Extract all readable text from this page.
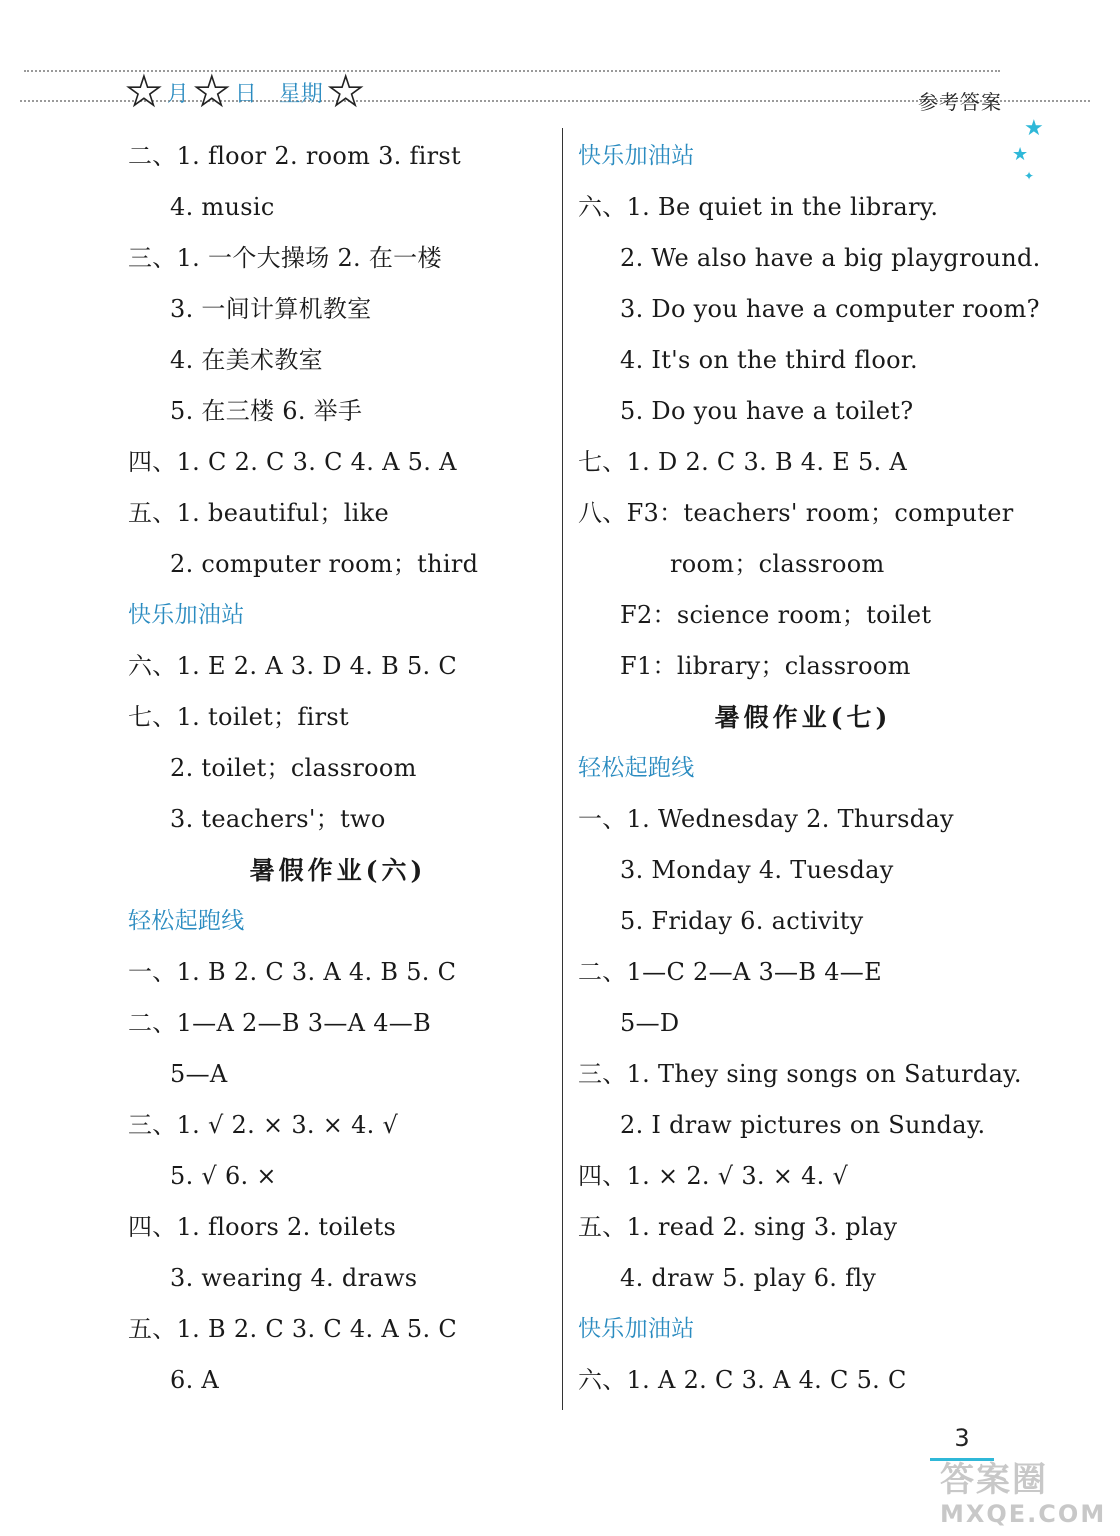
★ 月 ★ 日 星期 ★	参考答案
★
★
✦
二、1. floor 2. room 3. first
4. music
三、1. 一个大操场 2. 在一楼
3. 一间计算机教室
4. 在美术教室
5. 在三楼 6. 举手
四、1. C 2. C 3. C 4. A 5. A
五、1. beautiful；like
2. computer room；third
快乐加油站
六、1. E 2. A 3. D 4. B 5. C
七、1. toilet；first
2. toilet；classroom
3. teachers'；two
暑假作业(六)
轻松起跑线
一、1. B 2. C 3. A 4. B 5. C
二、1—A 2—B 3—A 4—B
5—A
三、1. √ 2. × 3. × 4. √
5. √ 6. ×
四、1. floors 2. toilets
3. wearing 4. draws
五、1. B 2. C 3. C 4. A 5. C
6. A
快乐加油站
六、1. Be quiet in the library.
2. We also have a big playground.
3. Do you have a computer room?
4. It's on the third floor.
5. Do you have a toilet?
七、1. D 2. C 3. B 4. E 5. A
八、F3：teachers' room；computer
room；classroom
F2：science room；toilet
F1：library；classroom
暑假作业(七)
轻松起跑线
一、1. Wednesday 2. Thursday
3. Monday 4. Tuesday
5. Friday 6. activity
二、1—C 2—A 3—B 4—E
5—D
三、1. They sing songs on Saturday.
2. I draw pictures on Sunday.
四、1. × 2. √ 3. × 4. √
五、1. read 2. sing 3. play
4. draw 5. play 6. fly
快乐加油站
六、1. A 2. C 3. A 4. C 5. C
3
答案圈
MXQE.COM
